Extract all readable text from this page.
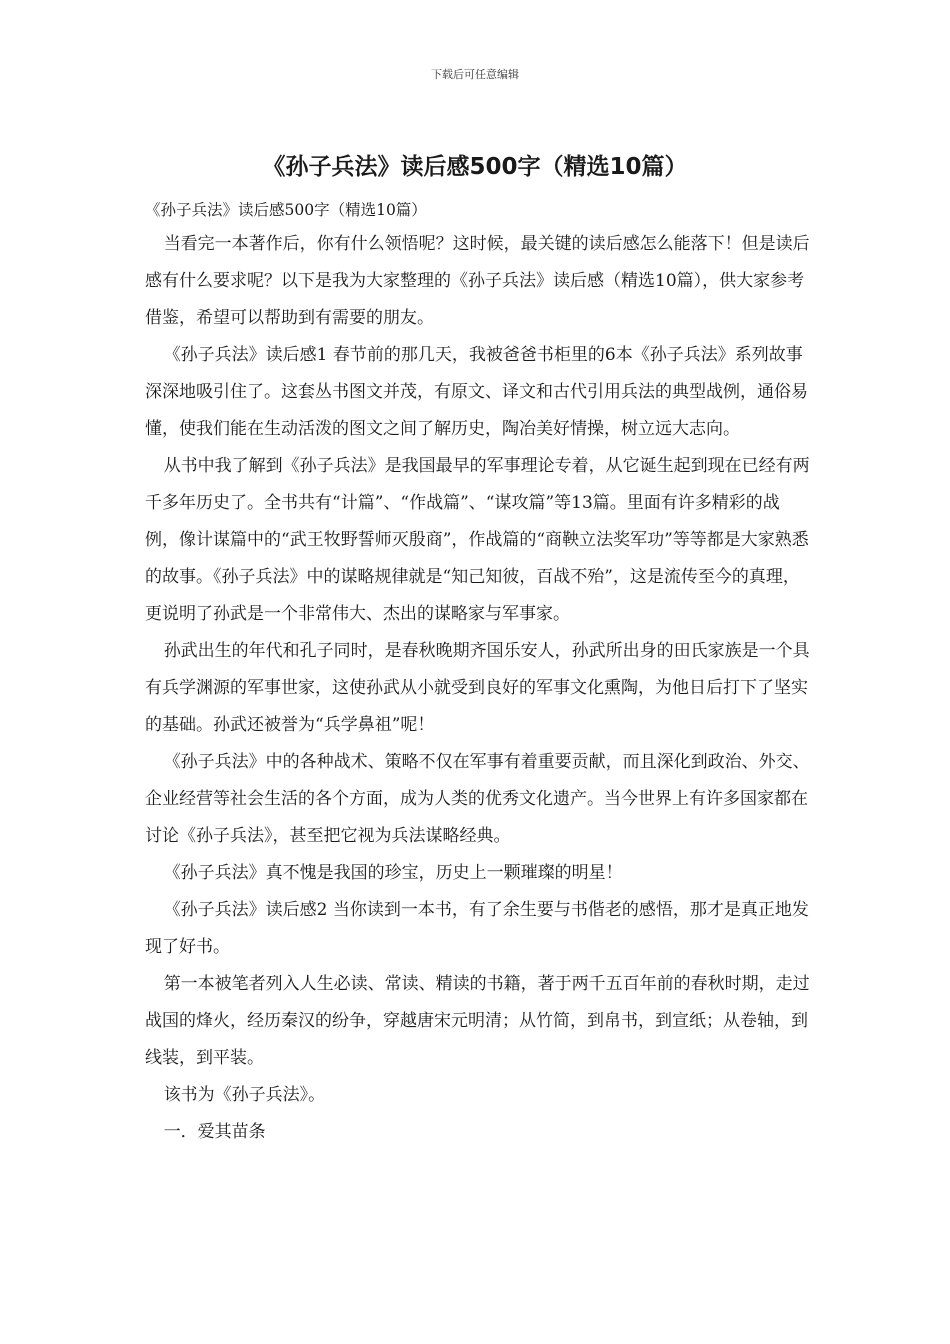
下载后可任意编辑
《孙子兵法》读后感500字（精选10篇）

《孙子兵法》读后感500字（精选10篇）

当看完一本著作后，你有什么领悟呢？这时候，最关键的读后感怎么能落下！但是读后感有什么要求呢？以下是我为大家整理的《孙子兵法》读后感（精选10篇），供大家参考借鉴，希望可以帮助到有需要的朋友。

《孙子兵法》读后感1 春节前的那几天，我被爸爸书柜里的6本《孙子兵法》系列故事深深地吸引住了。这套丛书图文并茂，有原文、译文和古代引用兵法的典型战例，通俗易懂，使我们能在生动活泼的图文之间了解历史，陶冶美好情操，树立远大志向。

从书中我了解到《孙子兵法》是我国最早的军事理论专着，从它诞生起到现在已经有两千多年历史了。全书共有“计篇”、“作战篇”、“谋攻篇”等13篇。里面有许多精彩的战例，像计谋篇中的“武王牧野誓师灭殷商”，作战篇的“商鞅立法奖军功”等等都是大家熟悉的故事。《孙子兵法》中的谋略规律就是“知己知彼，百战不殆”，这是流传至今的真理，更说明了孙武是一个非常伟大、杰出的谋略家与军事家。

孙武出生的年代和孔子同时，是春秋晚期齐国乐安人，孙武所出身的田氏家族是一个具有兵学渊源的军事世家，这使孙武从小就受到良好的军事文化熏陶，为他日后打下了坚实的基础。孙武还被誉为“兵学鼻祖”呢！

《孙子兵法》中的各种战术、策略不仅在军事有着重要贡献，而且深化到政治、外交、企业经营等社会生活的各个方面，成为人类的优秀文化遗产。当今世界上有许多国家都在讨论《孙子兵法》，甚至把它视为兵法谋略经典。

《孙子兵法》真不愧是我国的珍宝，历史上一颗璀璨的明星！

《孙子兵法》读后感2 当你读到一本书，有了余生要与书偕老的感悟，那才是真正地发现了好书。

第一本被笔者列入人生必读、常读、精读的书籍，著于两千五百年前的春秋时期，走过战国的烽火，经历秦汉的纷争，穿越唐宋元明清；从竹简，到帛书，到宣纸；从卷轴，到线装，到平装。

该书为《孙子兵法》。

一．爱其苗条
